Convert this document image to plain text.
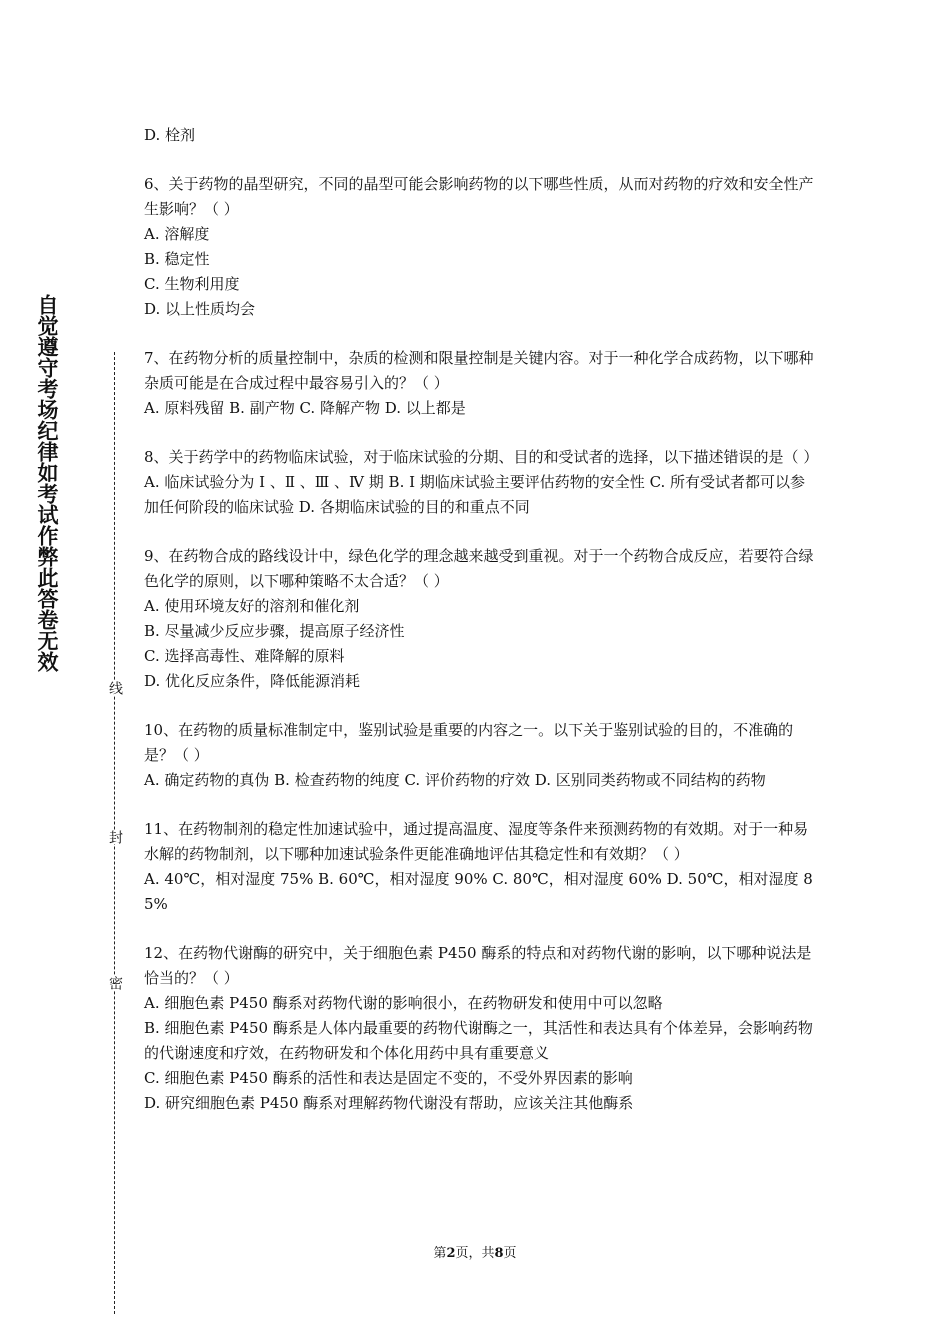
自觉遵守考场纪律如考试作弊此答卷无效
线
封
密
D. 栓剂

6、关于药物的晶型研究，不同的晶型可能会影响药物的以下哪些性质，从而对药物的疗效和安全性产生影响？（ ）

A. 溶解度
B. 稳定性
C. 生物利用度
D. 以上性质均会

7、在药物分析的质量控制中，杂质的检测和限量控制是关键内容。对于一种化学合成药物，以下哪种杂质可能是在合成过程中最容易引入的？（ ）

A. 原料残留 B. 副产物 C. 降解产物 D. 以上都是

8、关于药学中的药物临床试验，对于临床试验的分期、目的和受试者的选择，以下描述错误的是（ ）

A. 临床试验分为 Ⅰ 、Ⅱ 、Ⅲ 、Ⅳ 期 B. Ⅰ 期临床试验主要评估药物的安全性 C. 所有受试者都可以参加任何阶段的临床试验 D. 各期临床试验的目的和重点不同

9、在药物合成的路线设计中，绿色化学的理念越来越受到重视。对于一个药物合成反应，若要符合绿色化学的原则，以下哪种策略不太合适？（ ）

A. 使用环境友好的溶剂和催化剂
B. 尽量减少反应步骤，提高原子经济性
C. 选择高毒性、难降解的原料
D. 优化反应条件，降低能源消耗

10、在药物的质量标准制定中，鉴别试验是重要的内容之一。以下关于鉴别试验的目的，不准确的是？（ ）

A. 确定药物的真伪 B. 检查药物的纯度 C. 评价药物的疗效 D. 区别同类药物或不同结构的药物

11、在药物制剂的稳定性加速试验中，通过提高温度、湿度等条件来预测药物的有效期。对于一种易水解的药物制剂，以下哪种加速试验条件更能准确地评估其稳定性和有效期？（ ）

A. 40℃，相对湿度 75% B. 60℃，相对湿度 90% C. 80℃，相对湿度 60% D. 50℃，相对湿度 85%

12、在药物代谢酶的研究中，关于细胞色素 P450 酶系的特点和对药物代谢的影响，以下哪种说法是恰当的？（ ）

A. 细胞色素 P450 酶系对药物代谢的影响很小，在药物研发和使用中可以忽略
B. 细胞色素 P450 酶系是人体内最重要的药物代谢酶之一，其活性和表达具有个体差异，会影响药物的代谢速度和疗效，在药物研发和个体化用药中具有重要意义
C. 细胞色素 P450 酶系的活性和表达是固定不变的，不受外界因素的影响
D. 研究细胞色素 P450 酶系对理解药物代谢没有帮助，应该关注其他酶系
第2页，共8页
